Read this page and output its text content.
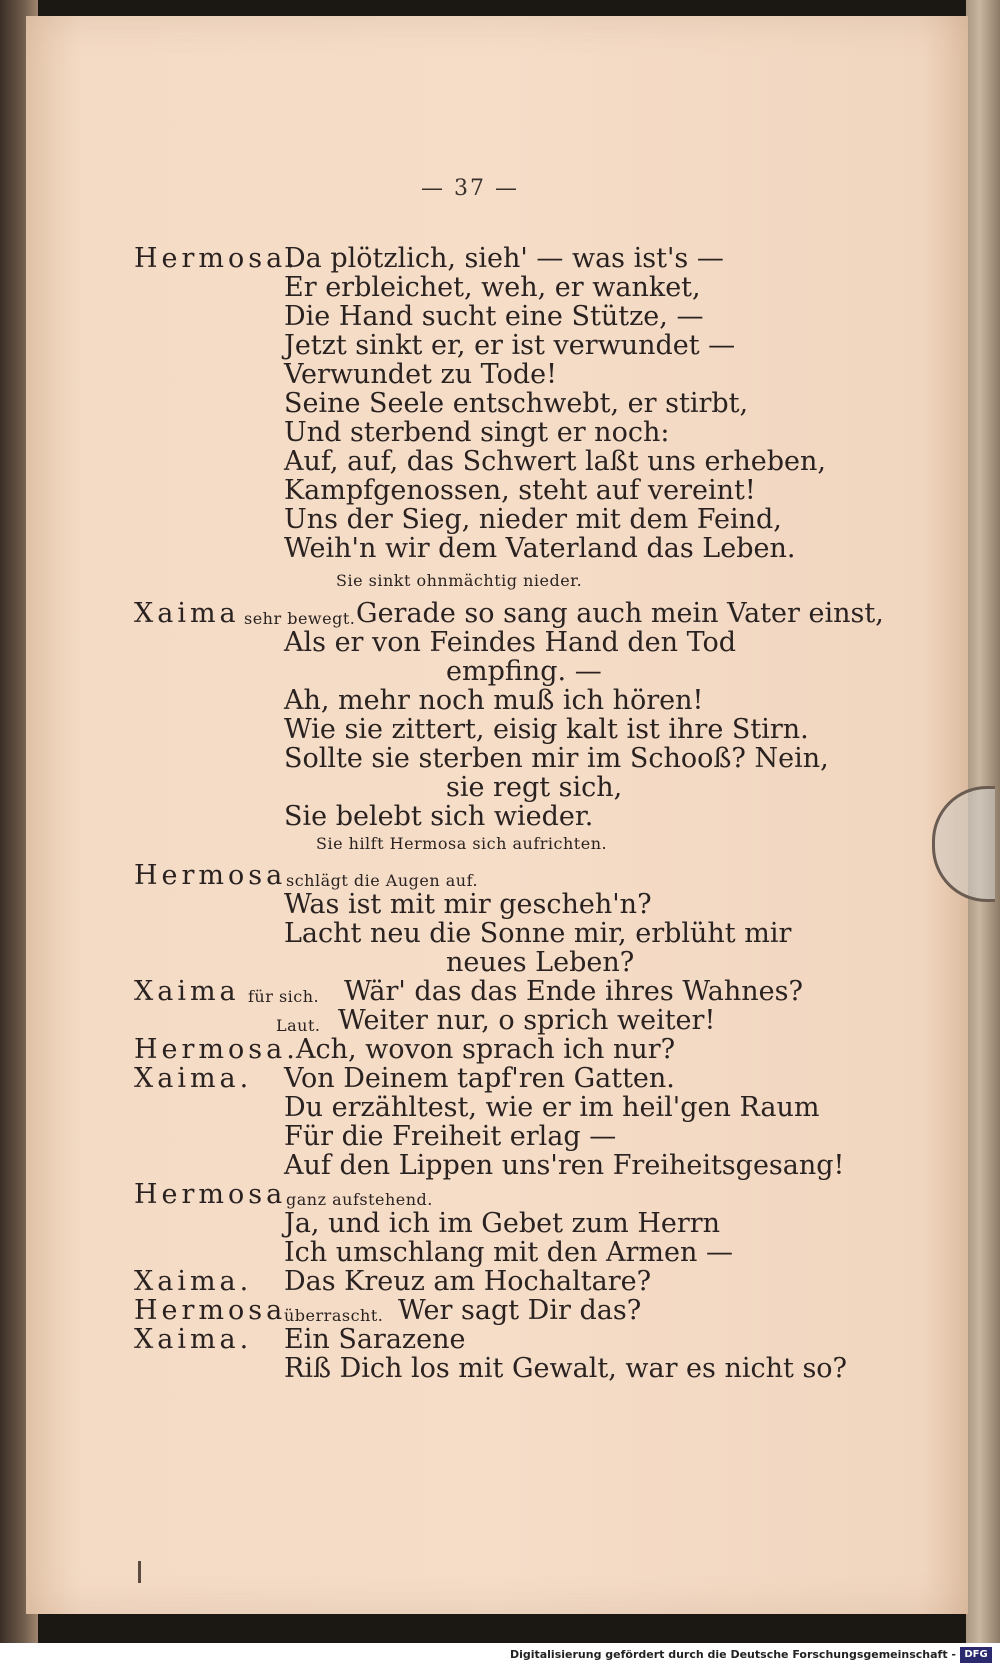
— 37 —
Hermosa.
Da plötzlich, sieh' — was ist's —
Er erbleichet, weh, er wanket,
Die Hand sucht eine Stütze, —
Jetzt sinkt er, er ist verwundet —
Verwundet zu Tode!
Seine Seele entschwebt, er stirbt,
Und sterbend singt er noch:
Auf, auf, das Schwert laßt uns erheben,
Kampfgenossen, steht auf vereint!
Uns der Sieg, nieder mit dem Feind,
Weih'n wir dem Vaterland das Leben.
Sie sinkt ohnmächtig nieder.
Xaima sehr bewegt. Gerade so sang auch mein Vater einst,
Als er von Feindes Hand den Tod
empfing. —
Ah, mehr noch muß ich hören!
Wie sie zittert, eisig kalt ist ihre Stirn.
Sollte sie sterben mir im Schooß? Nein,
sie regt sich,
Sie belebt sich wieder.
Sie hilft Hermosa sich aufrichten.
Hermosa schlägt die Augen auf.
Was ist mit mir gescheh'n?
Lacht neu die Sonne mir, erblüht mir
neues Leben?
Xaima für sich. Wär' das das Ende ihres Wahnes?
Laut. Weiter nur, o sprich weiter!
Hermosa.
Ach, wovon sprach ich nur?
Xaima. Von Deinem tapf'ren Gatten.
Du erzähltest, wie er im heil'gen Raum
Für die Freiheit erlag —
Auf den Lippen uns'ren Freiheitsgesang!
Hermosa ganz aufstehend.
Ja, und ich im Gebet zum Herrn
Ich umschlang mit den Armen —
Xaima. Das Kreuz am Hochaltare?
Hermosa
überrascht. Wer sagt Dir das?
Xaima. Ein Sarazene
Riß Dich los mit Gewalt, war es nicht so?
Digitalisierung gefördert durch die Deutsche Forschungsgemeinschaft - DFG
